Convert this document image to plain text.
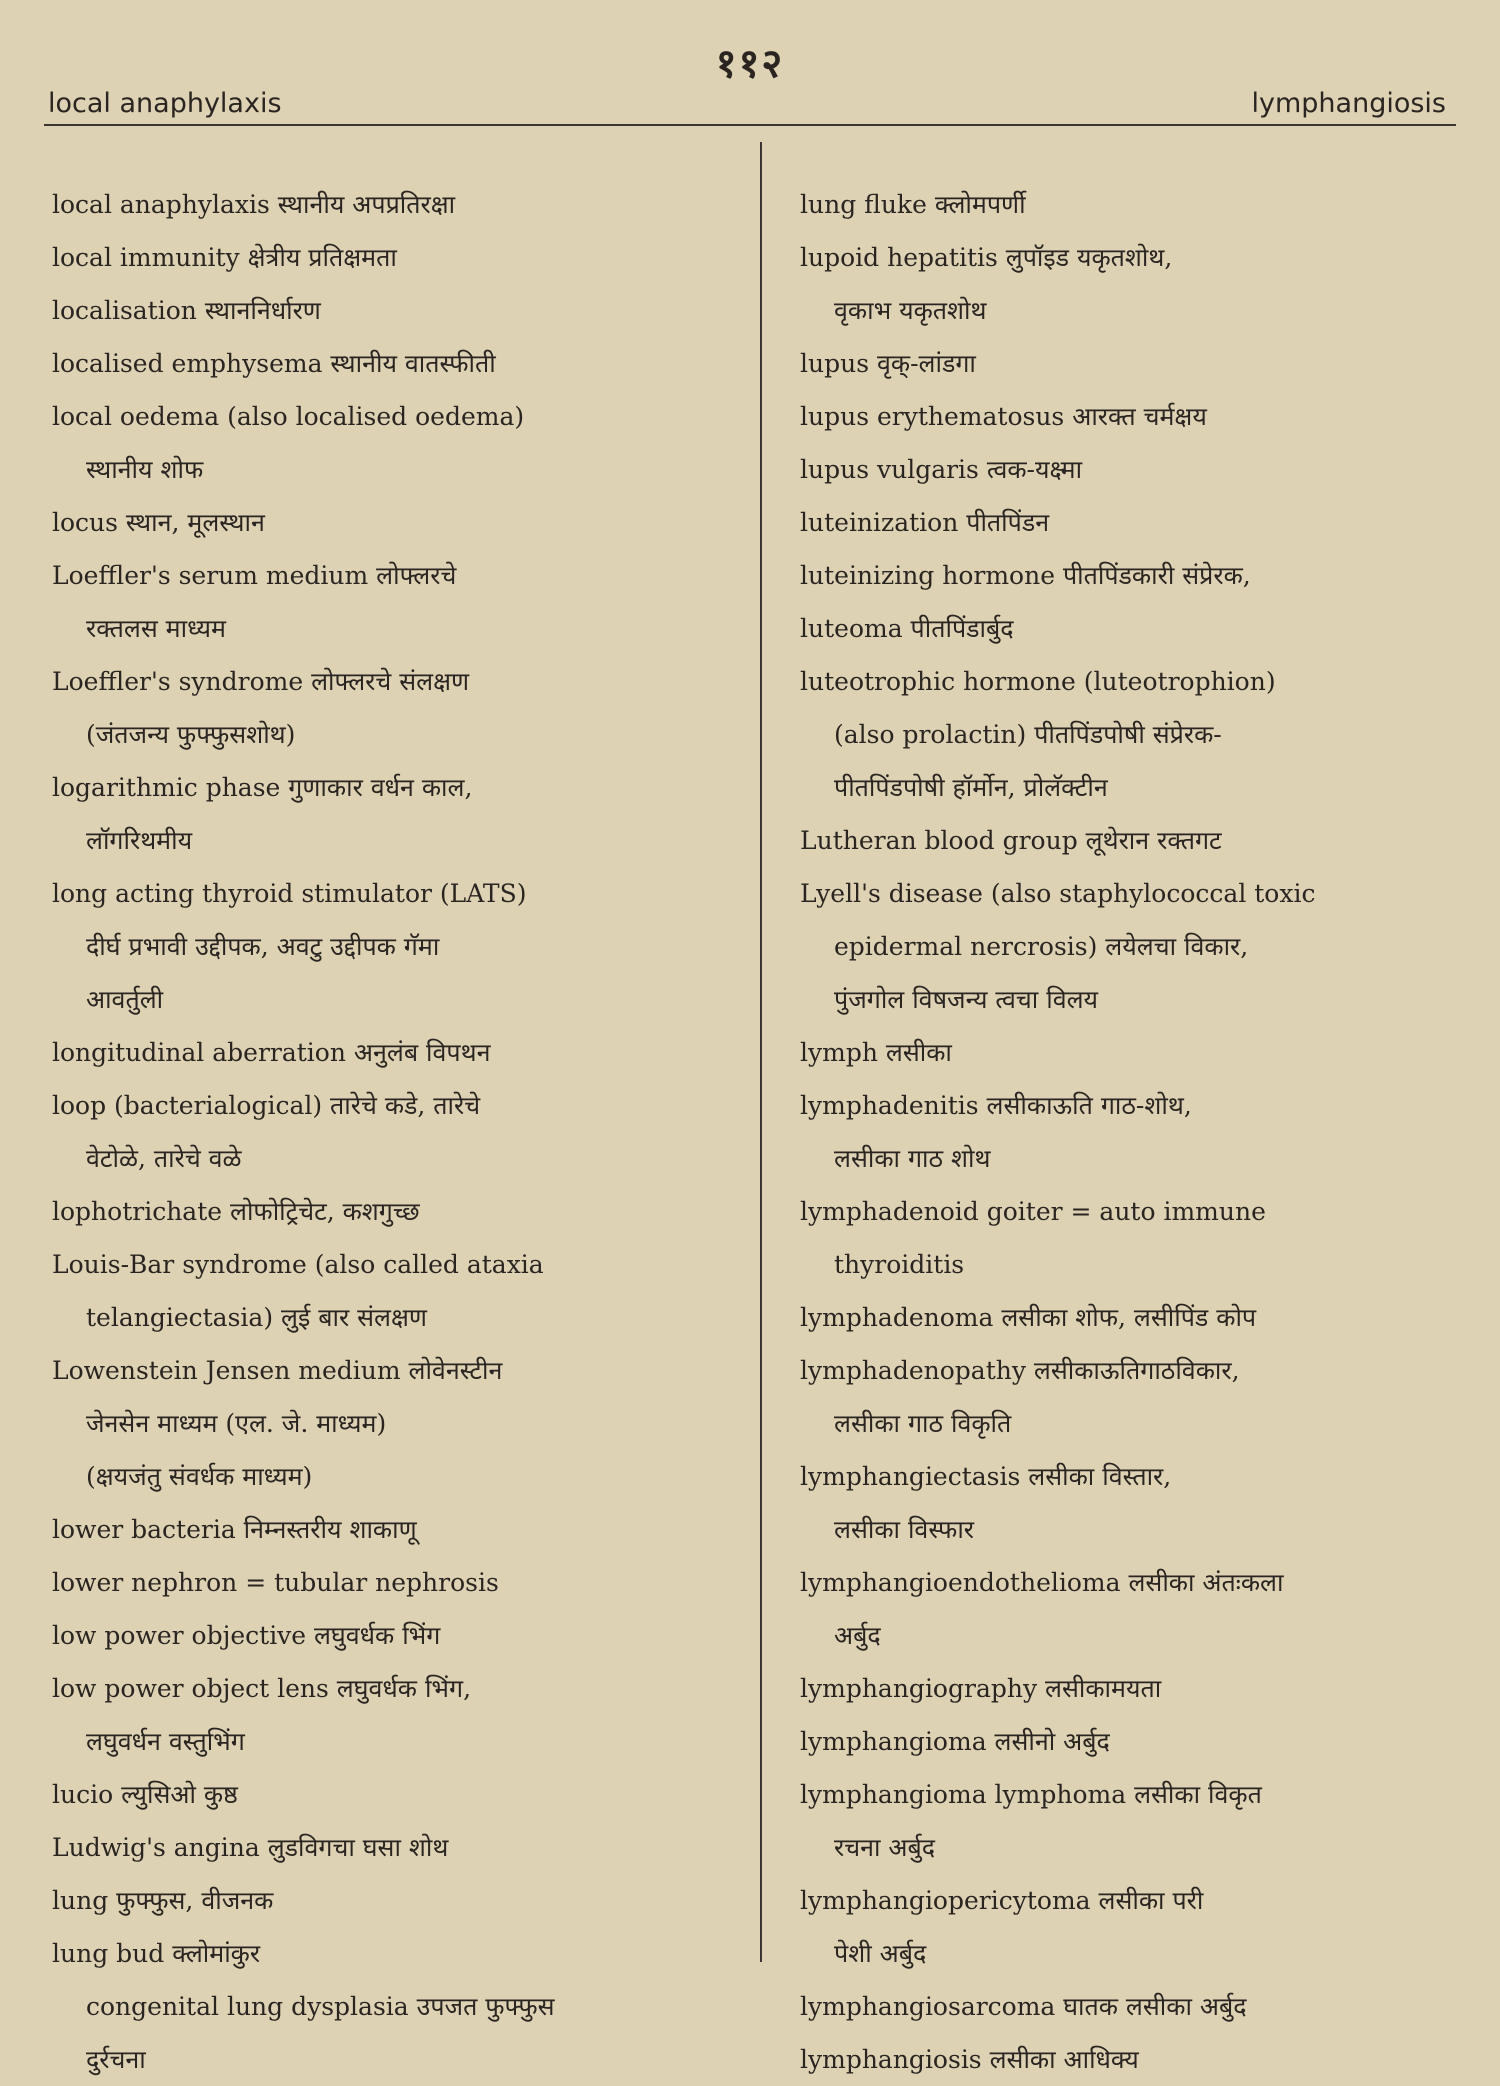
११२
local anaphylaxis	lymphangiosis
local anaphylaxis स्थानीय अपप्रतिरक्षा
local immunity क्षेत्रीय प्रतिक्षमता
localisation स्थाननिर्धारण
localised emphysema स्थानीय वातस्फीती
local oedema (also localised oedema)
स्थानीय शोफ
locus स्थान, मूलस्थान
Loeffler's serum medium लोफ्लरचे
रक्तलस माध्यम
Loeffler's syndrome लोफ्लरचे संलक्षण
(जंतजन्य फुफ्फुसशोथ)
logarithmic phase गुणाकार वर्धन काल,
लॉगरिथमीय
long acting thyroid stimulator (LATS)
दीर्घ प्रभावी उद्दीपक, अवटु उद्दीपक गॅमा
आवर्तुली
longitudinal aberration अनुलंब विपथन
loop (bacterialogical) तारेचे कडे, तारेचे
वेटोळे, तारेचे वळे
lophotrichate लोफोट्रिचेट, कशगुच्छ
Louis-Bar syndrome (also called ataxia
telangiectasia) लुई बार संलक्षण
Lowenstein Jensen medium लोवेनस्टीन
जेनसेन माध्यम (एल. जे. माध्यम)
(क्षयजंतु संवर्धक माध्यम)
lower bacteria निम्नस्तरीय शाकाणू
lower nephron = tubular nephrosis
low power objective लघुवर्धक भिंग
low power object lens लघुवर्धक भिंग,
लघुवर्धन वस्तुभिंग
lucio ल्युसिओ कुष्ठ
Ludwig's angina लुडविगचा घसा शोथ
lung फुफ्फुस, वीजनक
lung bud क्लोमांकुर
congenital lung dysplasia उपजत फुफ्फुस
दुर्रचना
lung fluke क्लोमपर्णी
lupoid hepatitis लुपॉइड यकृतशोथ,
वृकाभ यकृतशोथ
lupus वृक्-लांडगा
lupus erythematosus आरक्त चर्मक्षय
lupus vulgaris त्वक-यक्ष्मा
luteinization पीतपिंडन
luteinizing hormone पीतपिंडकारी संप्रेरक,
luteoma पीतपिंडार्बुद
luteotrophic hormone (luteotrophion)
(also prolactin) पीतपिंडपोषी संप्रेरक-
पीतपिंडपोषी हॉर्मोन, प्रोलॅक्टीन
Lutheran blood group लूथेरान रक्तगट
Lyell's disease (also staphylococcal toxic
epidermal nercrosis) लयेलचा विकार,
पुंजगोल विषजन्य त्वचा विलय
lymph लसीका
lymphadenitis लसीकाऊति गाठ-शोथ,
लसीका गाठ शोथ
lymphadenoid goiter = auto immune
thyroiditis
lymphadenoma लसीका शोफ, लसीपिंड कोप
lymphadenopathy लसीकाऊतिगाठविकार,
लसीका गाठ विकृति
lymphangiectasis लसीका विस्तार,
लसीका विस्फार
lymphangioendothelioma लसीका अंतःकला
अर्बुद
lymphangiography लसीकामयता
lymphangioma लसीनो अर्बुद
lymphangioma lymphoma लसीका विकृत
रचना अर्बुद
lymphangiopericytoma लसीका परी
पेशी अर्बुद
lymphangiosarcoma घातक लसीका अर्बुद
lymphangiosis लसीका आधिक्य
